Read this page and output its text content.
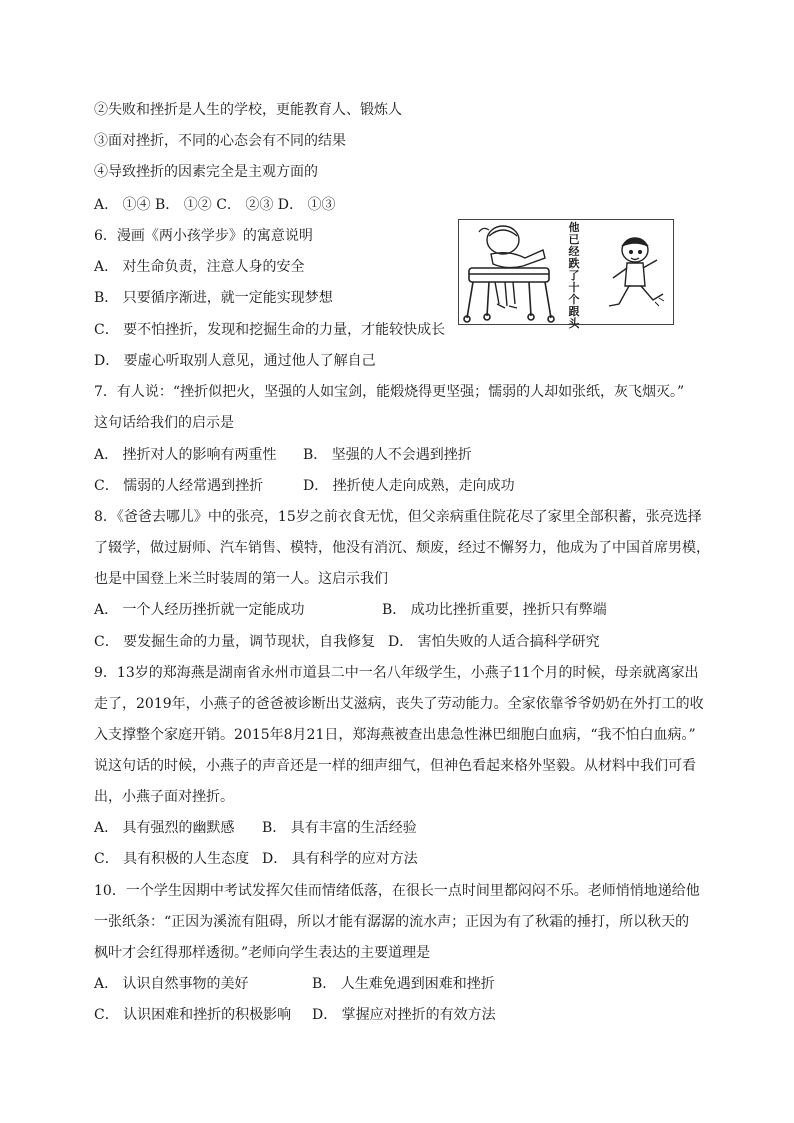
②失败和挫折是人生的学校，更能教育人、锻炼人
③面对挫折，不同的心态会有不同的结果
④导致挫折的因素完全是主观方面的
A． ①④ B． ①② C． ②③ D． ①③
6．漫画《两小孩学步》的寓意说明
A． 对生命负责，注意人身的安全
B． 只要循序渐进，就一定能实现梦想
C． 要不怕挫折，发现和挖掘生命的力量，才能较快成长
D． 要虚心听取别人意见，通过他人了解自己
他已经跌了十个跟头
7．有人说：“挫折似把火，坚强的人如宝剑，能煅烧得更坚强；懦弱的人却如张纸，灰飞烟灭。”
这句话给我们的启示是
A． 挫折对人的影响有两重性 B． 坚强的人不会遇到挫折
C． 懦弱的人经常遇到挫折	D． 挫折使人走向成熟，走向成功
8．《爸爸去哪儿》中的张亮，15岁之前衣食无忧，但父亲病重住院花尽了家里全部积蓄，张亮选择
了辍学，做过厨师、汽车销售、模特，他没有消沉、颓废，经过不懈努力，他成为了中国首席男模，
也是中国登上米兰时装周的第一人。这启示我们
A． 一个人经历挫折就一定能成功	B． 成功比挫折重要，挫折只有弊端
C． 要发掘生命的力量，调节现状，自我修复 D． 害怕失败的人适合搞科学研究
9．13岁的郑海燕是湖南省永州市道县二中一名八年级学生，小燕子11个月的时候，母亲就离家出
走了，2019年，小燕子的爸爸被诊断出艾滋病，丧失了劳动能力。全家依靠爷爷奶奶在外打工的收
入支撑整个家庭开销。2015年8月21日，郑海燕被查出患急性淋巴细胞白血病，“我不怕白血病。”
说这句话的时候，小燕子的声音还是一样的细声细气，但神色看起来格外坚毅。从材料中我们可看
出，小燕子面对挫折。
A． 具有强烈的幽默感 B． 具有丰富的生活经验
C． 具有积极的人生态度 D． 具有科学的应对方法
10．一个学生因期中考试发挥欠佳而情绪低落，在很长一点时间里都闷闷不乐。老师悄悄地递给他
一张纸条：“正因为溪流有阻碍，所以才能有潺潺的流水声；正因为有了秋霜的捶打，所以秋天的
枫叶才会红得那样透彻。”老师向学生表达的主要道理是
A． 认识自然事物的美好	B． 人生难免遇到困难和挫折
C． 认识困难和挫折的积极影响 D． 掌握应对挫折的有效方法
